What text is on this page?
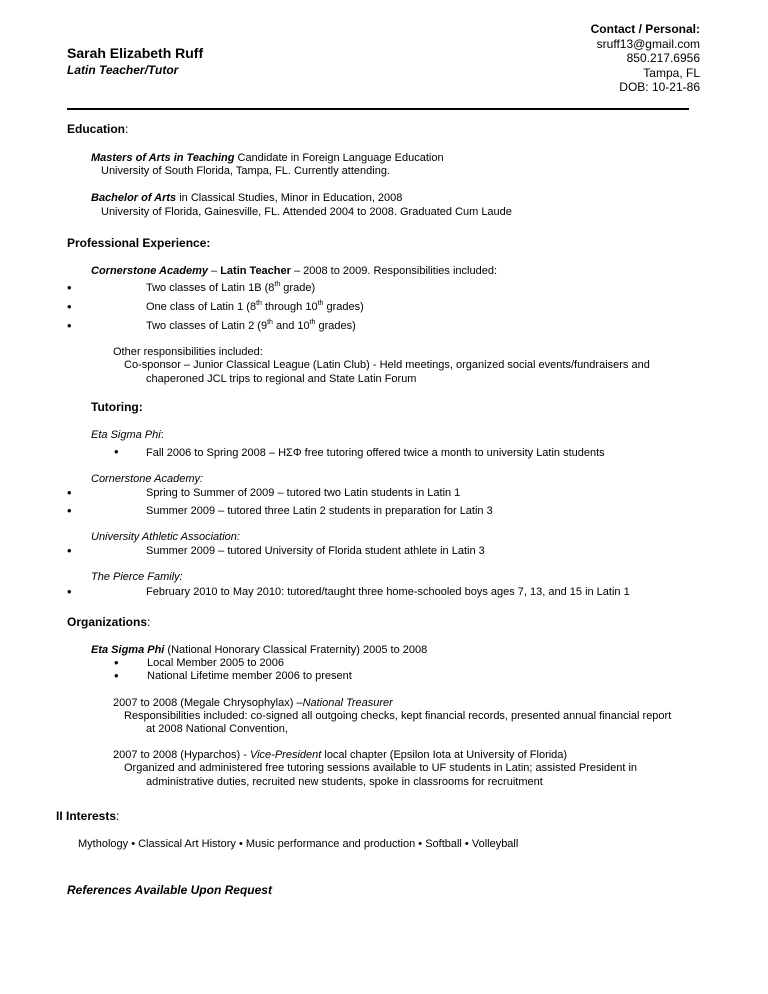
Sarah Elizabeth Ruff
Latin Teacher/Tutor
Contact / Personal:
sruff13@gmail.com
850.217.6956
Tampa, FL
DOB: 10-21-86
Education:
Masters of Arts in Teaching Candidate in Foreign Language Education
University of South Florida, Tampa, FL. Currently attending.
Bachelor of Arts in Classical Studies, Minor in Education, 2008
University of Florida, Gainesville, FL. Attended 2004 to 2008. Graduated Cum Laude
Professional Experience:
Cornerstone Academy – Latin Teacher – 2008 to 2009. Responsibilities included:
•	Two classes of Latin 1B (8th grade)
•	One class of Latin 1 (8th through 10th grades)
•	Two classes of Latin 2 (9th and 10th grades)
Other responsibilities included:
Co-sponsor – Junior Classical League (Latin Club) - Held meetings, organized social events/fundraisers and
chaperoned JCL trips to regional and State Latin Forum
Tutoring:
Eta Sigma Phi:
• Fall 2006 to Spring 2008 – HΣΦ free tutoring offered twice a month to university Latin students
Cornerstone Academy:
•	Spring to Summer of 2009 – tutored two Latin students in Latin 1
•	Summer 2009 – tutored three Latin 2 students in preparation for Latin 3
University Athletic Association:
•	Summer 2009 – tutored University of Florida student athlete in Latin 3
The Pierce Family:
•	February 2010 to May 2010: tutored/taught three home-schooled boys ages 7, 13, and 15 in Latin 1
Organizations:
Eta Sigma Phi (National Honorary Classical Fraternity) 2005 to 2008
•	Local Member 2005 to 2006
•	National Lifetime member 2006 to present
2007 to 2008 (Megale Chrysophylax) –National Treasurer
Responsibilities included: co-signed all outgoing checks, kept financial records, presented annual financial report
at 2008 National Convention,
2007 to 2008 (Hyparchos) - Vice-President local chapter (Epsilon Iota at University of Florida)
Organized and administered free tutoring sessions available to UF students in Latin; assisted President in
administrative duties, recruited new students, spoke in classrooms for recruitment
II Interests:
Mythology • Classical Art History • Music performance and production • Softball • Volleyball
References Available Upon Request
